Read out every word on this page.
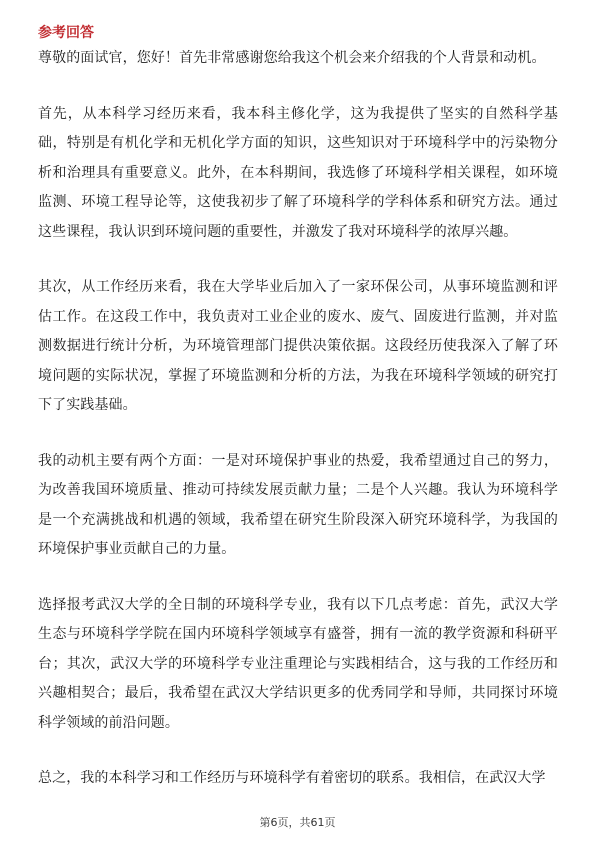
参考回答

尊敬的面试官，您好！首先非常感谢您给我这个机会来介绍我的个人背景和动机。

首先，从本科学习经历来看，我本科主修化学，这为我提供了坚实的自然科学基础，特别是有机化学和无机化学方面的知识，这些知识对于环境科学中的污染物分析和治理具有重要意义。此外，在本科期间，我选修了环境科学相关课程，如环境监测、环境工程导论等，这使我初步了解了环境科学的学科体系和研究方法。通过这些课程，我认识到环境问题的重要性，并激发了我对环境科学的浓厚兴趣。

其次，从工作经历来看，我在大学毕业后加入了一家环保公司，从事环境监测和评估工作。在这段工作中，我负责对工业企业的废水、废气、固废进行监测，并对监测数据进行统计分析，为环境管理部门提供决策依据。这段经历使我深入了解了环境问题的实际状况，掌握了环境监测和分析的方法，为我在环境科学领域的研究打下了实践基础。

我的动机主要有两个方面：一是对环境保护事业的热爱，我希望通过自己的努力，为改善我国环境质量、推动可持续发展贡献力量；二是个人兴趣。我认为环境科学是一个充满挑战和机遇的领域，我希望在研究生阶段深入研究环境科学，为我国的环境保护事业贡献自己的力量。

选择报考武汉大学的全日制的环境科学专业，我有以下几点考虑：首先，武汉大学生态与环境科学学院在国内环境科学领域享有盛誉，拥有一流的教学资源和科研平台；其次，武汉大学的环境科学专业注重理论与实践相结合，这与我的工作经历和兴趣相契合；最后，我希望在武汉大学结识更多的优秀同学和导师，共同探讨环境科学领域的前沿问题。

总之，我的本科学习和工作经历与环境科学有着密切的联系。我相信，在武汉大学

第6页，共61页
